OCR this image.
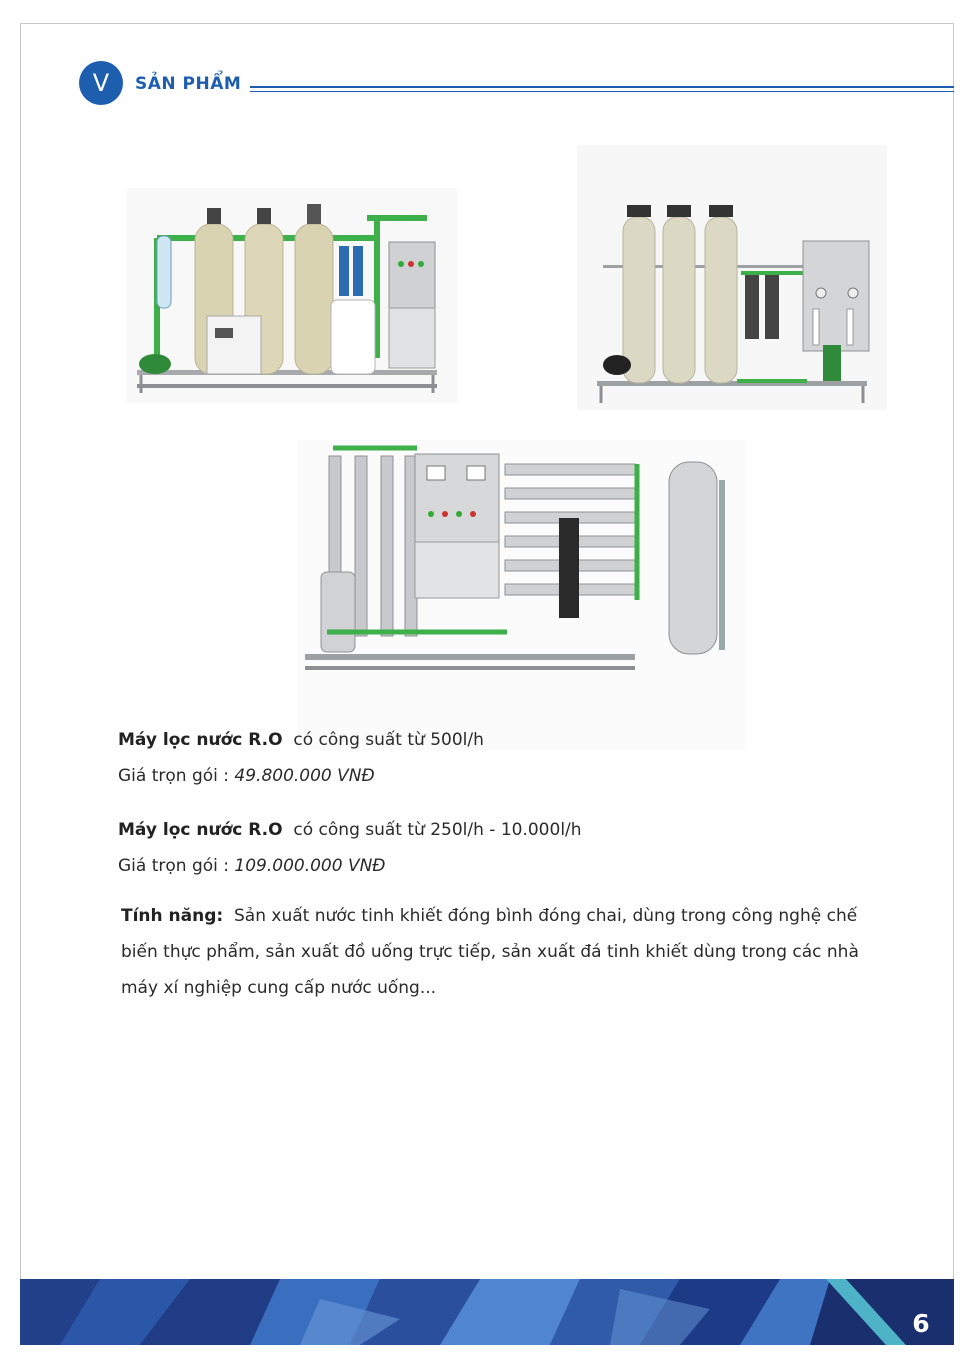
V	SẢN PHẨM
Máy lọc nước R.O có công suất từ 500l/h
Giá trọn gói : 49.800.000 VNĐ
Máy lọc nước R.O có công suất từ 250l/h - 10.000l/h
Giá trọn gói : 109.000.000 VNĐ
Tính năng: Sản xuất nước tinh khiết đóng bình đóng chai, dùng trong công nghệ chế biến thực phẩm, sản xuất đồ uống trực tiếp, sản xuất đá tinh khiết dùng trong các nhà máy xí nghiệp cung cấp nước uống...
6
